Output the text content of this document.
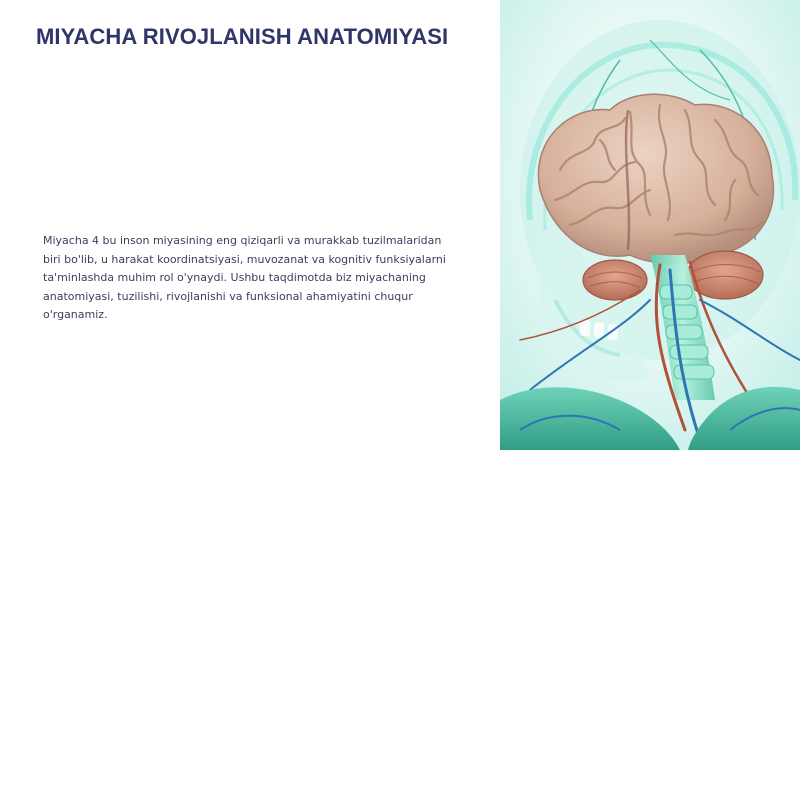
MIYACHA RIVOJLANISH ANATOMIYASI

Miyacha 4 bu inson miyasining eng qiziqarli va murakkab tuzilmalaridan biri bo'lib, u harakat koordinatsiyasi, muvozanat va kognitiv funksiyalarni ta'minlashda muhim rol o'ynaydi. Ushbu taqdimotda biz miyachaning anatomiyasi, tuzilishi, rivojlanishi va funksional ahamiyatini chuqur o'rganamiz.
